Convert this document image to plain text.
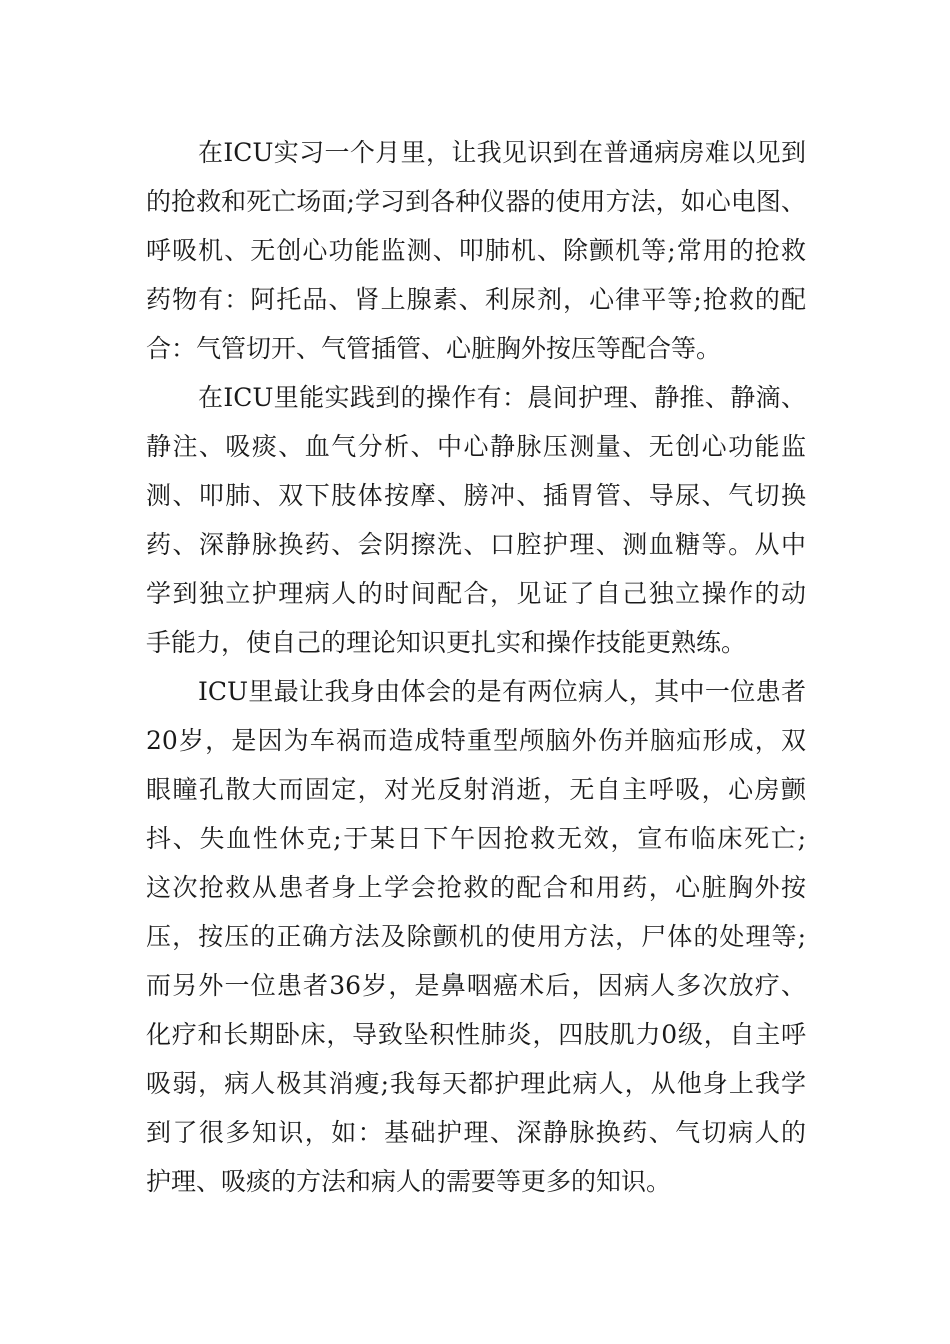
在ICU实习一个月里，让我见识到在普通病房难以见到
的抢救和死亡场面;学习到各种仪器的使用方法，如心电图、
呼吸机、无创心功能监测、叩肺机、除颤机等;常用的抢救
药物有：阿托品、肾上腺素、利尿剂，心律平等;抢救的配
合：气管切开、气管插管、心脏胸外按压等配合等。
在ICU里能实践到的操作有：晨间护理、静推、静滴、
静注、吸痰、血气分析、中心静脉压测量、无创心功能监
测、叩肺、双下肢体按摩、膀冲、插胃管、导尿、气切换
药、深静脉换药、会阴擦洗、口腔护理、测血糖等。从中
学到独立护理病人的时间配合，见证了自己独立操作的动
手能力，使自己的理论知识更扎实和操作技能更熟练。
ICU里最让我身由体会的是有两位病人，其中一位患者
20岁，是因为车祸而造成特重型颅脑外伤并脑疝形成，双
眼瞳孔散大而固定，对光反射消逝，无自主呼吸，心房颤
抖、失血性休克;于某日下午因抢救无效，宣布临床死亡;
这次抢救从患者身上学会抢救的配合和用药，心脏胸外按
压，按压的正确方法及除颤机的使用方法，尸体的处理等;
而另外一位患者36岁，是鼻咽癌术后，因病人多次放疗、
化疗和长期卧床，导致坠积性肺炎，四肢肌力0级，自主呼
吸弱，病人极其消瘦;我每天都护理此病人，从他身上我学
到了很多知识，如：基础护理、深静脉换药、气切病人的
护理、吸痰的方法和病人的需要等更多的知识。
